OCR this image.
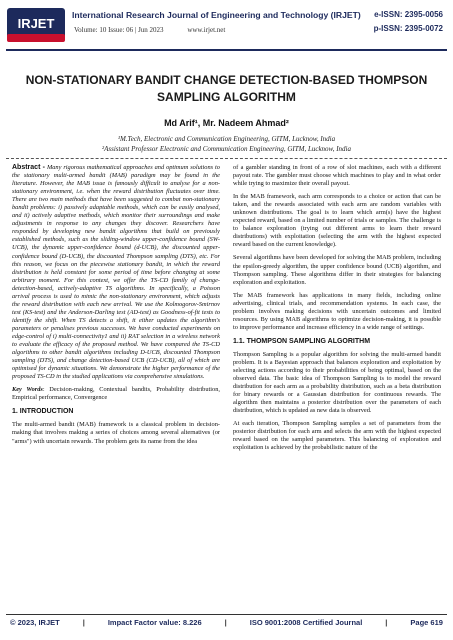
IRJET
International Research Journal of Engineering and Technology (IRJET) e-ISSN: 2395-0056
Volume: 10 Issue: 06 | Jun 2023	www.irjet.net	p-ISSN: 2395-0072
NON-STATIONARY BANDIT CHANGE DETECTION-BASED THOMPSON SAMPLING ALGORITHM
Md Arif¹, Mr. Nadeem Ahmad²
¹M.Tech, Electronic and Communication Engineering, GITM, Lucknow, India
²Assistant Professor Electronic and Communication Engineering, GITM, Lucknow, India

Abstract - Many rigorous mathematical approaches and optimum solutions to the stationary multi-armed bandit (MAB) paradigm may be found in the literature. However, the MAB issue is famously difficult to analyse for a non-stationary environment, i.e. when the reward distribution fluctuates over time. There are two main methods that have been suggested to combat non-stationary bandit problems: i) passively adaptable methods, which can be easily analysed, and ii) actively adaptive methods, which monitor their surroundings and make adjustments in response to any changes they discover. Researchers have responded by developing new bandit algorithms that build on previously established methods, such as the sliding-window upper-confidence bound (SW-UCB), the dynamic upper-confidence bound (d-UCB), the discounted upper-confidence bound (D-UCB), the discounted Thompson sampling (DTS), etc. For this reason, we focus on the piecewise stationary bandit, in which the reward distribution is held constant for some period of time before changing at some arbitrary moment. For this context, we offer the TS-CD family of change-detection-based, actively-adaptive TS algorithms. In specifically, a Poisson arrival process is used to mimic the non-stationary environment, which adjusts the reward distribution with each new arrival. We use the Kolmogorov-Smirnov test (KS-test) and the Anderson-Darling test (AD-test) as Goodness-of-fit tests to identify the shift. When TS detects a shift, it either updates the algorithm's parameters or penalises previous successes. We have conducted experiments on edge-control of i) multi-connectivity1 and ii) RAT selection in a wireless network to evaluate the efficacy of the proposed method. We have compared the TS-CD algorithms to other bandit algorithms including D-UCB, discounted Thompson sampling (DTS), and change detection-based UCB (CD-UCB), all of which are optimised for dynamic situations. We demonstrate the higher performance of the proposed TS-CD in the studied applications via comprehensive simulations.

Key Words: Decision-making, Contextual bandits, Probability distribution, Empirical performance, Convergence

1. INTRODUCTION

The multi-armed bandit (MAB) framework is a classical problem in decision-making that involves making a series of choices among several alternatives (or "arms") with uncertain rewards. The problem gets its name from the idea

of a gambler standing in front of a row of slot machines, each with a different payout rate. The gambler must choose which machines to play and in what order while trying to maximize their overall payout.

In the MAB framework, each arm corresponds to a choice or action that can be taken, and the rewards associated with each arm are random variables with unknown distributions. The goal is to learn which arm(s) have the highest expected reward, based on a limited number of trials or samples. The challenge is to balance exploration (trying out different arms to learn their reward distributions) with exploitation (selecting the arm with the highest expected reward based on the current knowledge).

Several algorithms have been developed for solving the MAB problem, including the epsilon-greedy algorithm, the upper confidence bound (UCB) algorithm, and Thompson sampling. These algorithms differ in their strategies for balancing exploration and exploitation.

The MAB framework has applications in many fields, including online advertising, clinical trials, and recommendation systems. In each case, the problem involves making decisions with uncertain outcomes and limited resources. By using MAB algorithms to optimize decision-making, it is possible to improve performance and increase efficiency in a wide range of settings.

1.1. THOMPSON SAMPLING ALGORITHM

Thompson Sampling is a popular algorithm for solving the multi-armed bandit problem. It is a Bayesian approach that balances exploration and exploitation by selecting actions according to their probabilities of being optimal, based on the observed data. The basic idea of Thompson Sampling is to model the reward distribution for each arm as a probability distribution, such as a beta distribution for binary rewards or a Gaussian distribution for continuous rewards. The algorithm then maintains a posterior distribution over the parameters of each distribution, which is updated as new data is observed.

At each iteration, Thompson Sampling samples a set of parameters from the posterior distribution for each arm and selects the arm with the highest expected reward based on the sampled parameters. This balancing of exploration and exploitation is achieved by the probabilistic nature of the

© 2023, IRJET	|	Impact Factor value: 8.226	|	ISO 9001:2008 Certified Journal	|	Page 619
